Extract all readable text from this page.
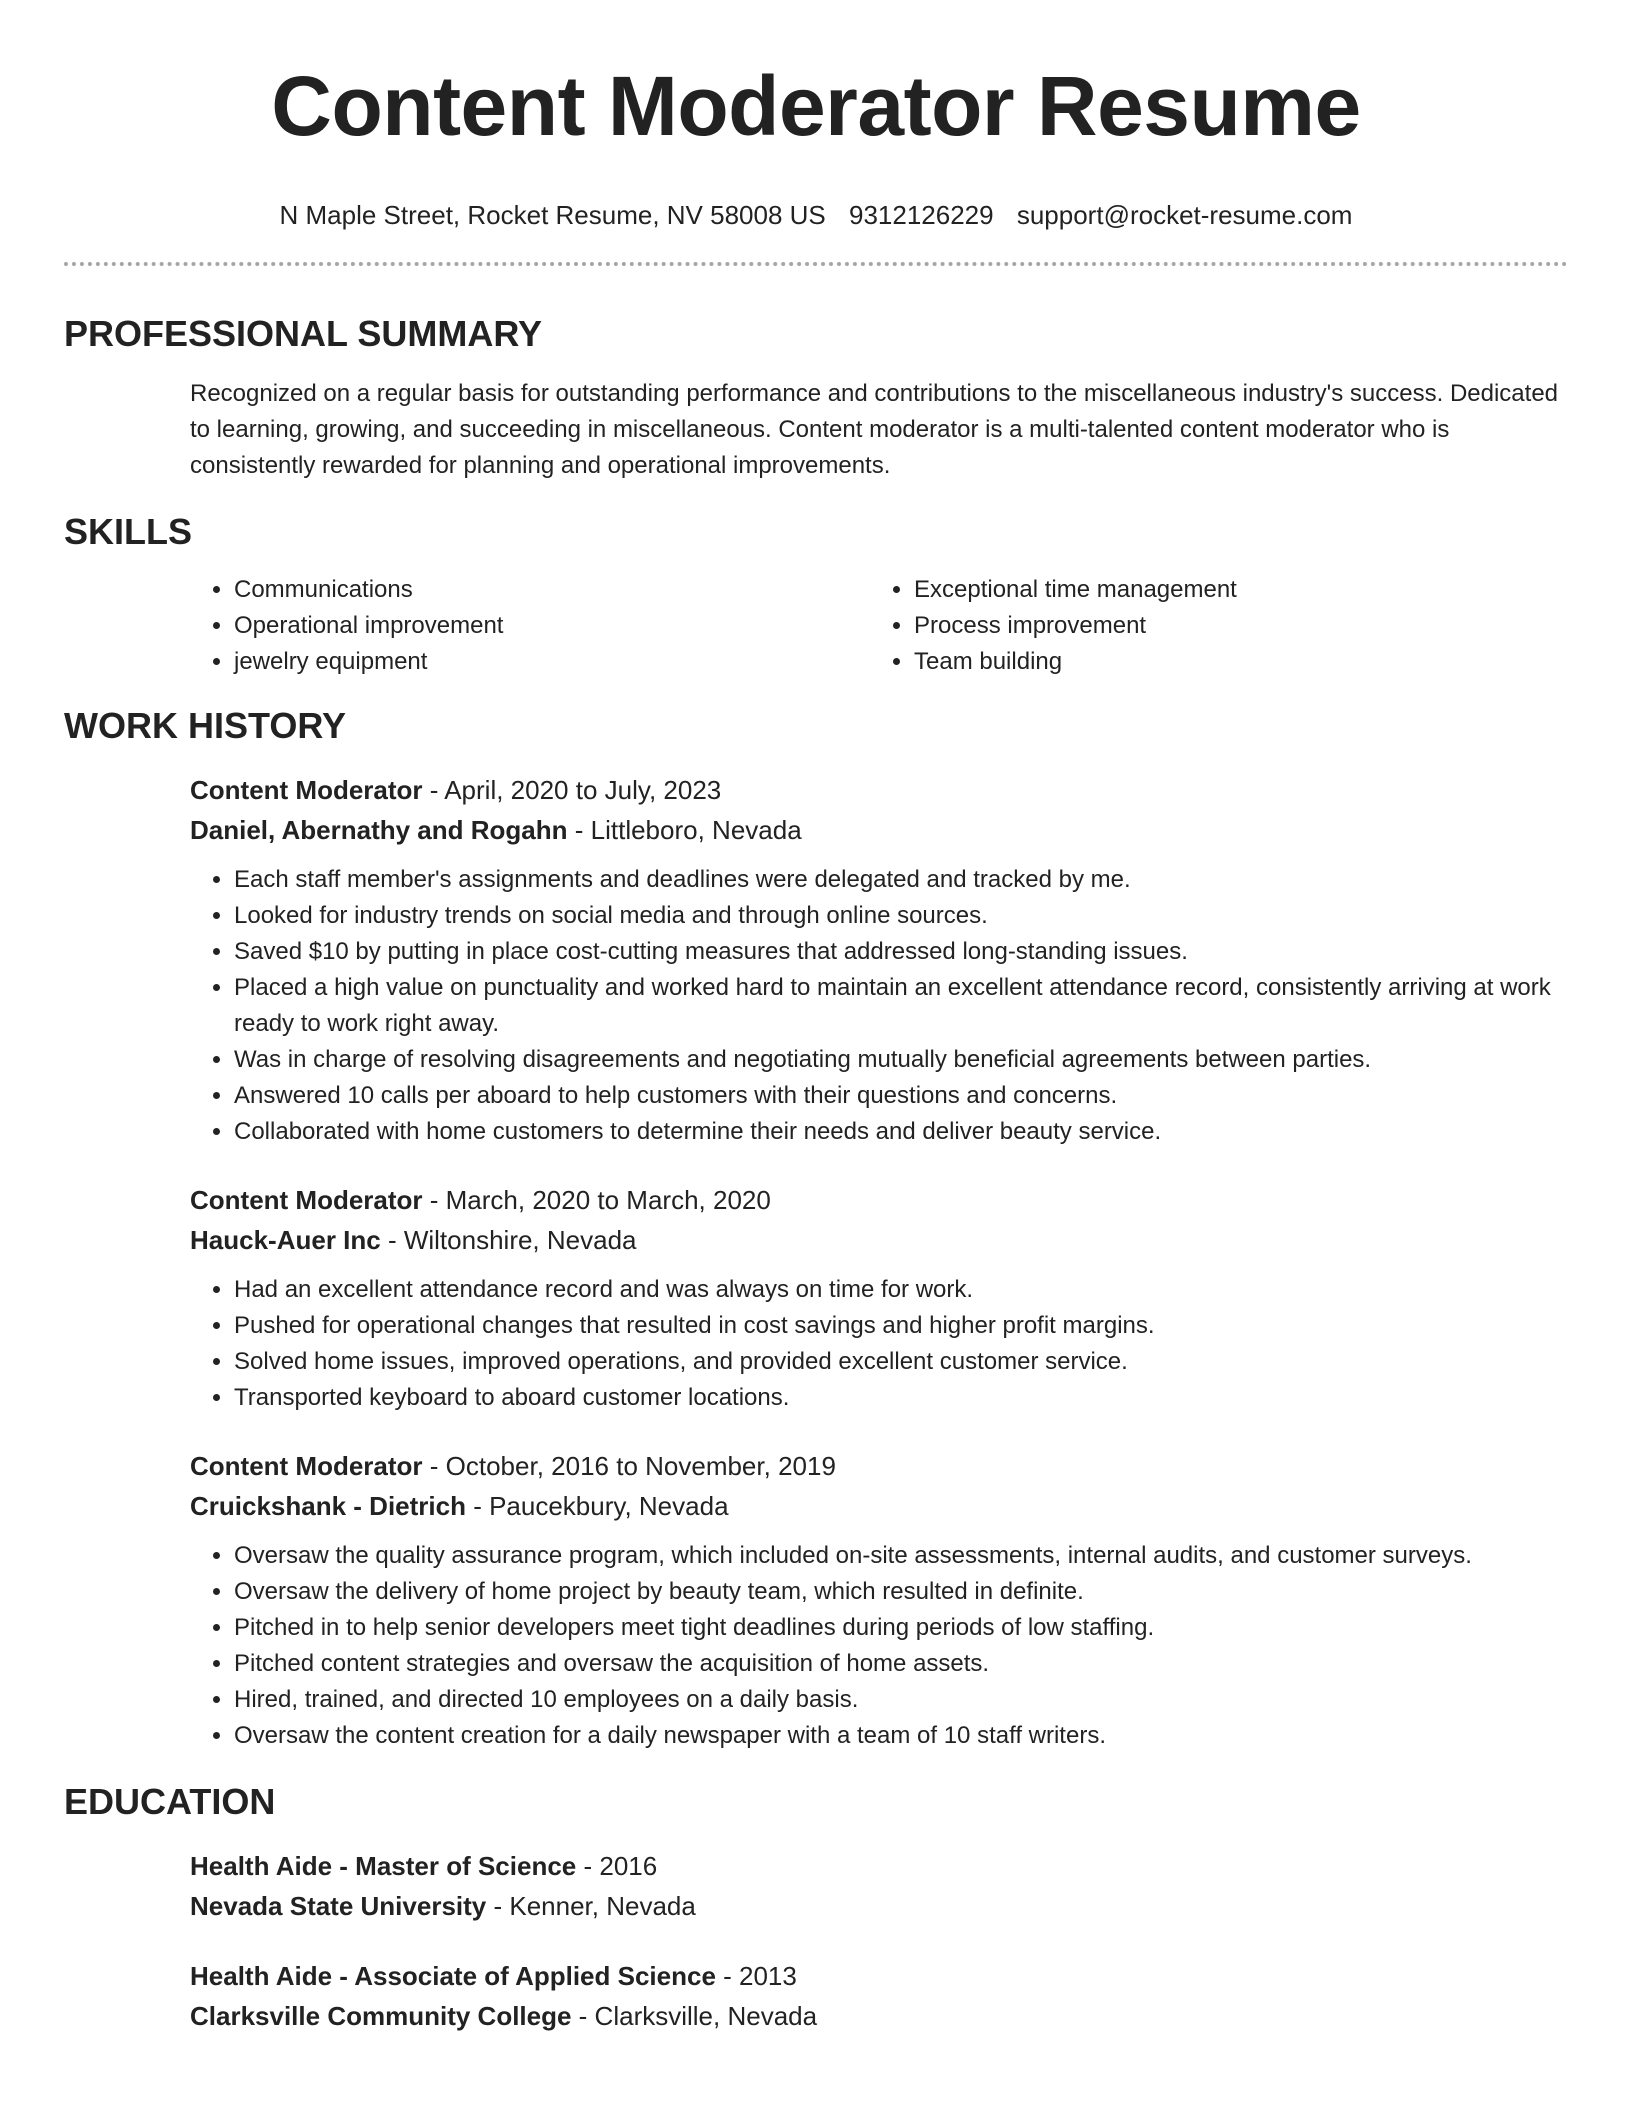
Content Moderator Resume
N Maple Street, Rocket Resume, NV 58008 US 9312126229 support@rocket-resume.com
PROFESSIONAL SUMMARY
Recognized on a regular basis for outstanding performance and contributions to the miscellaneous industry's success. Dedicated to learning, growing, and succeeding in miscellaneous. Content moderator is a multi-talented content moderator who is consistently rewarded for planning and operational improvements.
SKILLS
• Communications
• Operational improvement
• jewelry equipment
• Exceptional time management
• Process improvement
• Team building
WORK HISTORY
Content Moderator - April, 2020 to July, 2023
Daniel, Abernathy and Rogahn - Littleboro, Nevada
• Each staff member's assignments and deadlines were delegated and tracked by me.
• Looked for industry trends on social media and through online sources.
• Saved $10 by putting in place cost-cutting measures that addressed long-standing issues.
• Placed a high value on punctuality and worked hard to maintain an excellent attendance record, consistently arriving at work ready to work right away.
• Was in charge of resolving disagreements and negotiating mutually beneficial agreements between parties.
• Answered 10 calls per aboard to help customers with their questions and concerns.
• Collaborated with home customers to determine their needs and deliver beauty service.
Content Moderator - March, 2020 to March, 2020
Hauck-Auer Inc - Wiltonshire, Nevada
• Had an excellent attendance record and was always on time for work.
• Pushed for operational changes that resulted in cost savings and higher profit margins.
• Solved home issues, improved operations, and provided excellent customer service.
• Transported keyboard to aboard customer locations.
Content Moderator - October, 2016 to November, 2019
Cruickshank - Dietrich - Paucekbury, Nevada
• Oversaw the quality assurance program, which included on-site assessments, internal audits, and customer surveys.
• Oversaw the delivery of home project by beauty team, which resulted in definite.
• Pitched in to help senior developers meet tight deadlines during periods of low staffing.
• Pitched content strategies and oversaw the acquisition of home assets.
• Hired, trained, and directed 10 employees on a daily basis.
• Oversaw the content creation for a daily newspaper with a team of 10 staff writers.
EDUCATION
Health Aide - Master of Science - 2016
Nevada State University - Kenner, Nevada
Health Aide - Associate of Applied Science - 2013
Clarksville Community College - Clarksville, Nevada
